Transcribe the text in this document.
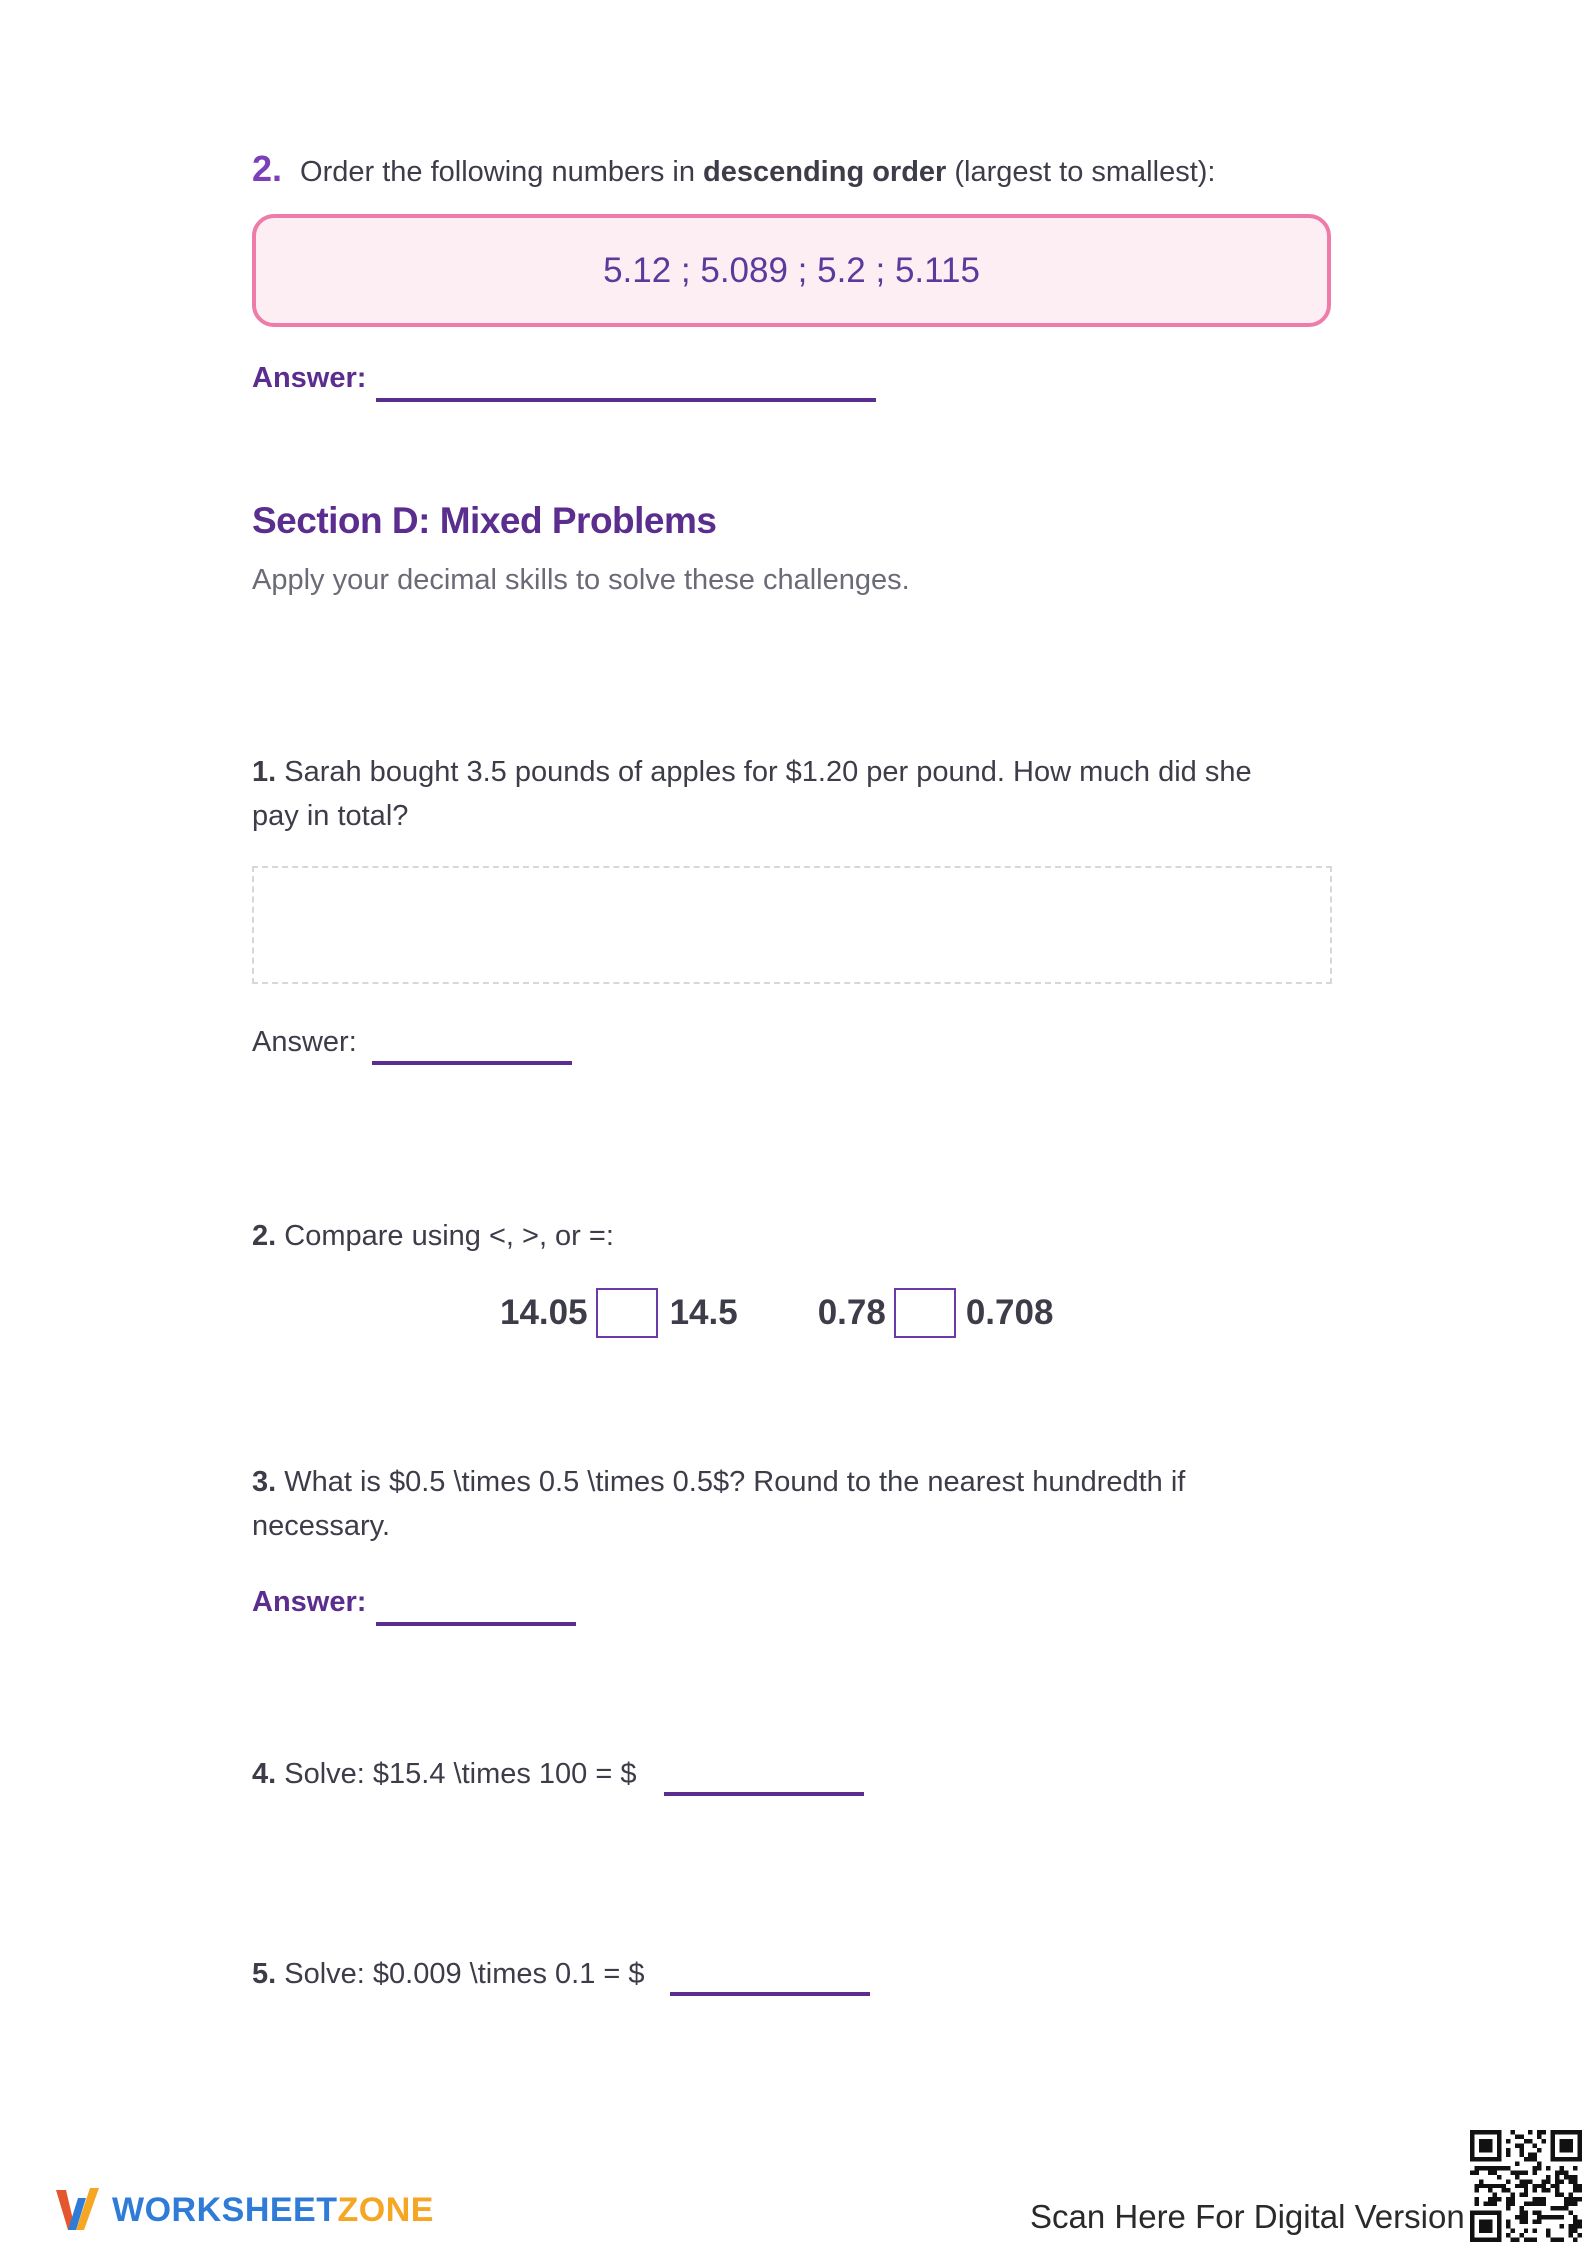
2. Order the following numbers in descending order (largest to smallest):
5.12 ; 5.089 ; 5.2 ; 5.115
Answer:
Section D: Mixed Problems
Apply your decimal skills to solve these challenges.
1. Sarah bought 3.5 pounds of apples for $1.20 per pound. How much did she
pay in total?
Answer:
2. Compare using <, >, or =:
14.05 14.5 0.78 0.708
3. What is $0.5 \times 0.5 \times 0.5$? Round to the nearest hundredth if
necessary.
Answer:
4. Solve: $15.4 \times 100 = $
5. Solve: $0.009 \times 0.1 = $
WORKSHEETZONE	Scan Here For Digital Version
